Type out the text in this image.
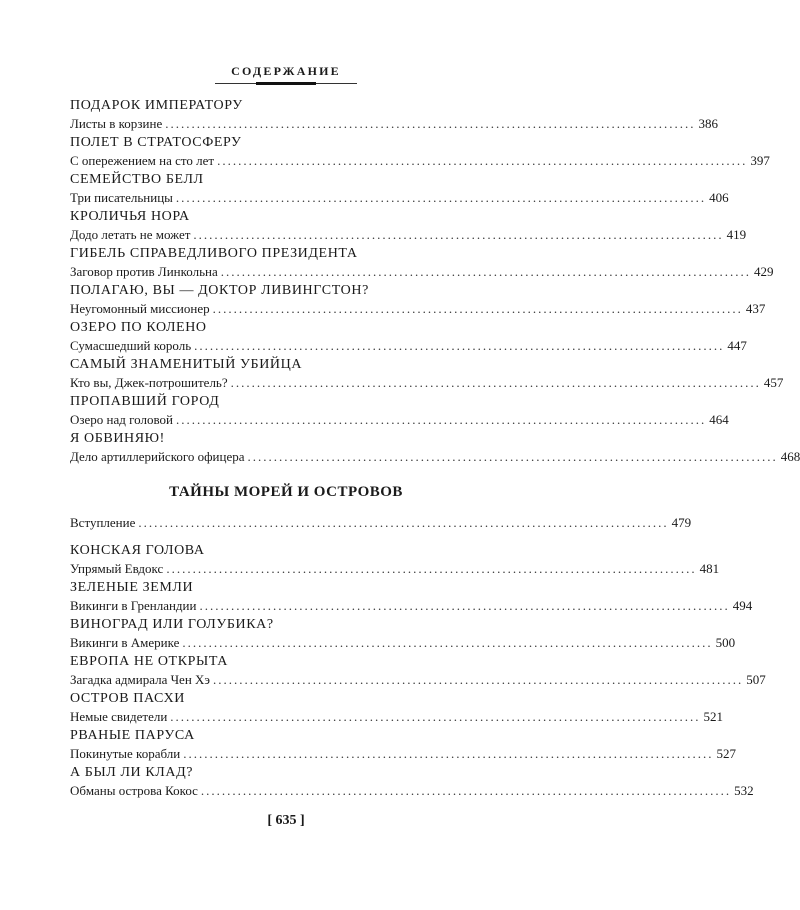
СОДЕРЖАНИЕ
ПОДАРОК ИМПЕРАТОРУ
Листы в корзине ..................................................................................................... 386
ПОЛЕТ В СТРАТОСФЕРУ
С опережением на сто лет ..................................................................................................... 397
СЕМЕЙСТВО БЕЛЛ
Три писательницы ..................................................................................................... 406
КРОЛИЧЬЯ НОРА
Додо летать не может ..................................................................................................... 419
ГИБЕЛЬ СПРАВЕДЛИВОГО ПРЕЗИДЕНТА
Заговор против Линкольна ..................................................................................................... 429
ПОЛАГАЮ, ВЫ — ДОКТОР ЛИВИНГСТОН?
Неугомонный миссионер ..................................................................................................... 437
ОЗЕРО ПО КОЛЕНО
Сумасшедший король ..................................................................................................... 447
САМЫЙ ЗНАМЕНИТЫЙ УБИЙЦА
Кто вы, Джек-потрошитель? ..................................................................................................... 457
ПРОПАВШИЙ ГОРОД
Озеро над головой ..................................................................................................... 464
Я ОБВИНЯЮ!
Дело артиллерийского офицера ..................................................................................................... 468
ТАЙНЫ МОРЕЙ И ОСТРОВОВ
Вступление ..................................................................................................... 479
КОНСКАЯ ГОЛОВА
Упрямый Евдокс ..................................................................................................... 481
ЗЕЛЕНЫЕ ЗЕМЛИ
Викинги в Гренландии ..................................................................................................... 494
ВИНОГРАД ИЛИ ГОЛУБИКА?
Викинги в Америке ..................................................................................................... 500
ЕВРОПА НЕ ОТКРЫТА
Загадка адмирала Чен Хэ ..................................................................................................... 507
ОСТРОВ ПАСХИ
Немые свидетели ..................................................................................................... 521
РВАНЫЕ ПАРУСА
Покинутые корабли ..................................................................................................... 527
А БЫЛ ЛИ КЛАД?
Обманы острова Кокос ..................................................................................................... 532
[ 635 ]
